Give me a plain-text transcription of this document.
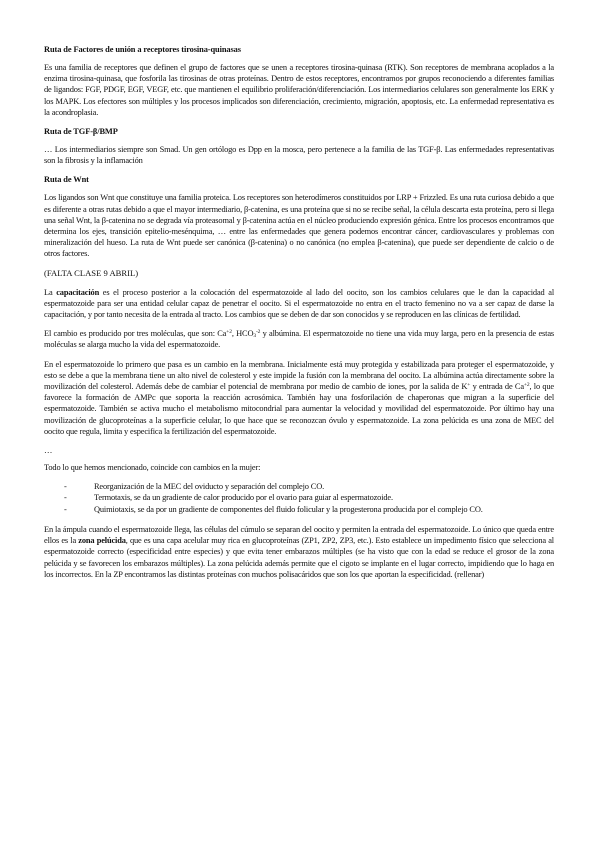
Ruta de Factores de unión a receptores tirosina-quinasas

Es una familia de receptores que definen el grupo de factores que se unen a receptores tirosina-quinasa (RTK). Son receptores de membrana acoplados a la enzima tirosina-quinasa, que fosforila las tirosinas de otras proteínas. Dentro de estos receptores, encontramos por grupos reconociendo a diferentes familias de ligandos: FGF, PDGF, EGF, VEGF, etc. que mantienen el equilibrio proliferación/diferenciación. Los intermediarios celulares son generalmente los ERK y los MAPK. Los efectores son múltiples y los procesos implicados son diferenciación, crecimiento, migración, apoptosis, etc. La enfermedad representativa es la acondroplasia.

Ruta de TGF-β/BMP

… Los intermediarios siempre son Smad. Un gen ortólogo es Dpp en la mosca, pero pertenece a la familia de las TGF-β. Las enfermedades representativas son la fibrosis y la inflamación

Ruta de Wnt

Los ligandos son Wnt que constituye una familia proteica. Los receptores son heterodímeros constituidos por LRP + Frizzled. Es una ruta curiosa debido a que es diferente a otras rutas debido a que el mayor intermediario, β-catenina, es una proteína que si no se recibe señal, la célula descarta esta proteína, pero si llega una señal Wnt, la β-catenina no se degrada vía proteasomal y β-catenina actúa en el núcleo produciendo expresión génica. Entre los procesos encontramos que determina los ejes, transición epitelio-mesénquima, … entre las enfermedades que genera podemos encontrar cáncer, cardiovasculares y problemas con mineralización del hueso. La ruta de Wnt puede ser canónica (β-catenina) o no canónica (no emplea β-catenina), que puede ser dependiente de calcio o de otros factores.

(FALTA CLASE 9 ABRIL)

La capacitación es el proceso posterior a la colocación del espermatozoide al lado del oocito, son los cambios celulares que le dan la capacidad al espermatozoide para ser una entidad celular capaz de penetrar el oocito. Si el espermatozoide no entra en el tracto femenino no va a ser capaz de darse la capacitación, y por tanto necesita de la entrada al tracto. Los cambios que se deben de dar son conocidos y se reproducen en las clínicas de fertilidad.

El cambio es producido por tres moléculas, que son: $Ca^{+2}$, $HCO_3^{-2}$ y albúmina. El espermatozoide no tiene una vida muy larga, pero en la presencia de estas moléculas se alarga mucho la vida del espermatozoide.

En el espermatozoide lo primero que pasa es un cambio en la membrana. Inicialmente está muy protegida y estabilizada para proteger el espermatozoide, y esto se debe a que la membrana tiene un alto nivel de colesterol y este impide la fusión con la membrana del oocito. La albúmina actúa directamente sobre la movilización del colesterol. Además debe de cambiar el potencial de membrana por medio de cambio de iones, por la salida de K+ y entrada de $Ca^{+2}$, lo que favorece la formación de AMPc que soporta la reacción acrosómica. También hay una fosforilación de chaperonas que migran a la superficie del espermatozoide. También se activa mucho el metabolismo mitocondrial para aumentar la velocidad y movilidad del espermatozoide. Por último hay una movilización de glucoproteínas a la superficie celular, lo que hace que se reconozcan óvulo y espermatozoide. La zona pelúcida es una zona de MEC del oocito que regula, limita y especifica la fertilización del espermatozoide.

…

Todo lo que hemos mencionado, coincide con cambios en la mujer:

-	Reorganización de la MEC del oviducto y separación del complejo CO.
-	Termotaxis, se da un gradiente de calor producido por el ovario para guiar al espermatozoide.
-	Quimiotaxis, se da por un gradiente de componentes del fluido folicular y la progesterona producida por el complejo CO.

En la ámpula cuando el espermatozoide llega, las células del cúmulo se separan del oocito y permiten la entrada del espermatozoide. Lo único que queda entre ellos es la zona pelúcida, que es una capa acelular muy rica en glucoproteínas (ZP1, ZP2, ZP3, etc.). Esto establece un impedimento físico que selecciona al espermatozoide correcto (especificidad entre especies) y que evita tener embarazos múltiples (se ha visto que con la edad se reduce el grosor de la zona pelúcida y se favorecen los embarazos múltiples). La zona pelúcida además permite que el cigoto se implante en el lugar correcto, impidiendo que lo haga en los incorrectos. En la ZP encontramos las distintas proteínas con muchos polisacáridos que son los que aportan la especificidad. (rellenar)
